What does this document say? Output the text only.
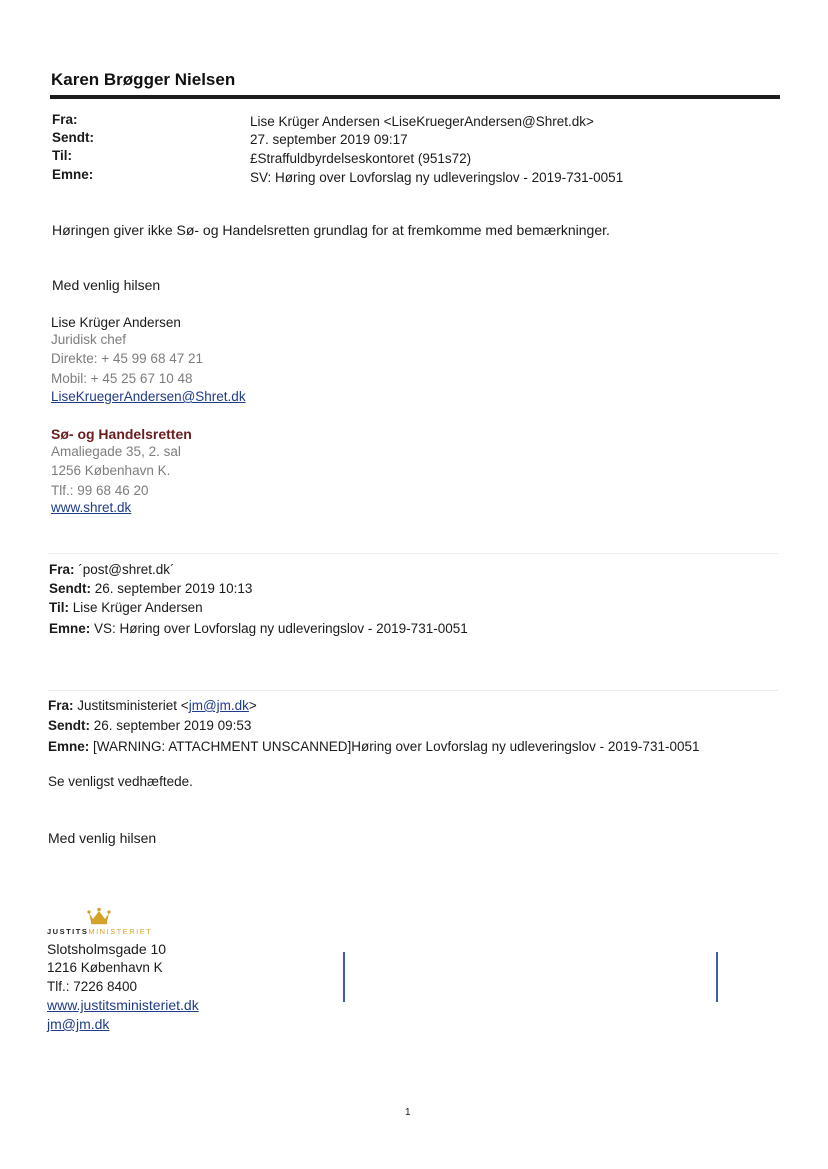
Karen Brøgger Nielsen
Fra:	Lise Krüger Andersen <LiseKruegerAndersen@Shret.dk>
Sendt:	27. september 2019 09:17
Til:	£Straffuldbyrdelseskontoret (951s72)
Emne:	SV: Høring over Lovforslag ny udleveringslov - 2019-731-0051
Høringen giver ikke Sø- og Handelsretten grundlag for at fremkomme med bemærkninger.
Med venlig hilsen
Lise Krüger Andersen
Juridisk chef
Direkte: + 45 99 68 47 21
Mobil: + 45 25 67 10 48
LiseKruegerAndersen@Shret.dk
Sø- og Handelsretten
Amaliegade 35, 2. sal
1256 København K.
Tlf.: 99 68 46 20
www.shret.dk
Fra: ´post@shret.dk´
Sendt: 26. september 2019 10:13
Til: Lise Krüger Andersen
Emne: VS: Høring over Lovforslag ny udleveringslov - 2019-731-0051
Fra: Justitsministeriet <jm@jm.dk>
Sendt: 26. september 2019 09:53
Emne: [WARNING: ATTACHMENT UNSCANNED]Høring over Lovforslag ny udleveringslov - 2019-731-0051
Se venligst vedhæftede.
Med venlig hilsen
JUSTITSMINISTERIET
Slotsholmsgade 10
1216 København K
Tlf.: 7226 8400
www.justitsministeriet.dk
jm@jm.dk
1
